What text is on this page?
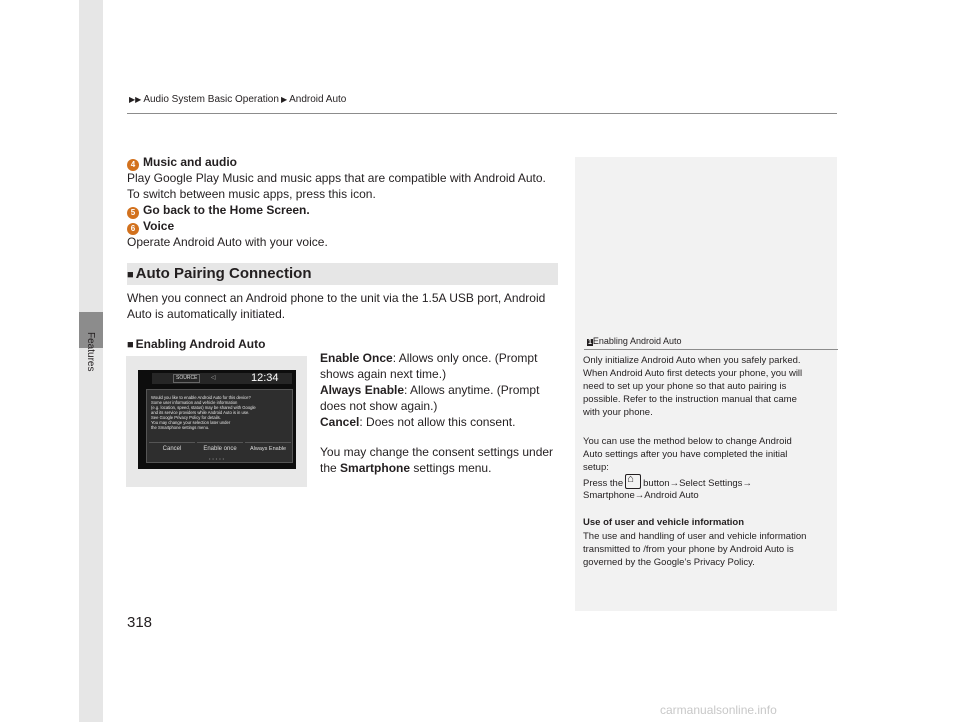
Features
▶▶ Audio System Basic Operation ▶ Android Auto
4 Music and audio
Play Google Play Music and music apps that are compatible with Android Auto.
To switch between music apps, press this icon.
5 Go back to the Home Screen.
6 Voice
Operate Android Auto with your voice.
■ Auto Pairing Connection
When you connect an Android phone to the unit via the 1.5A USB port, Android
Auto is automatically initiated.
■ Enabling Android Auto
Enable Once: Allows only once. (Prompt
shows again next time.)
Always Enable: Allows anytime. (Prompt
does not show again.)
Cancel: Does not allow this consent.
You may change the consent settings under
the Smartphone settings menu.
SOURCE	◁	12:34
Would you like to enable Android Auto for this device?
Some user information and vehicle information
(e.g. location, speed, status) may be shared with Google
and its service providers while Android Auto is in use.
See Google Privacy Policy for details.
You may change your selection later under
the Smartphone settings menu.
Cancel	Enable once	Always Enable
•••••
1Enabling Android Auto
Only initialize Android Auto when you safely parked.
When Android Auto first detects your phone, you will
need to set up your phone so that auto pairing is
possible. Refer to the instruction manual that came
with your phone.
You can use the method below to change Android
Auto settings after you have completed the initial
setup:
Press the ⌂ button→Select Settings→
Smartphone→Android Auto
Use of user and vehicle information
The use and handling of user and vehicle information
transmitted to /from your phone by Android Auto is
governed by the Google’s Privacy Policy.
318
carmanualsonline.info
